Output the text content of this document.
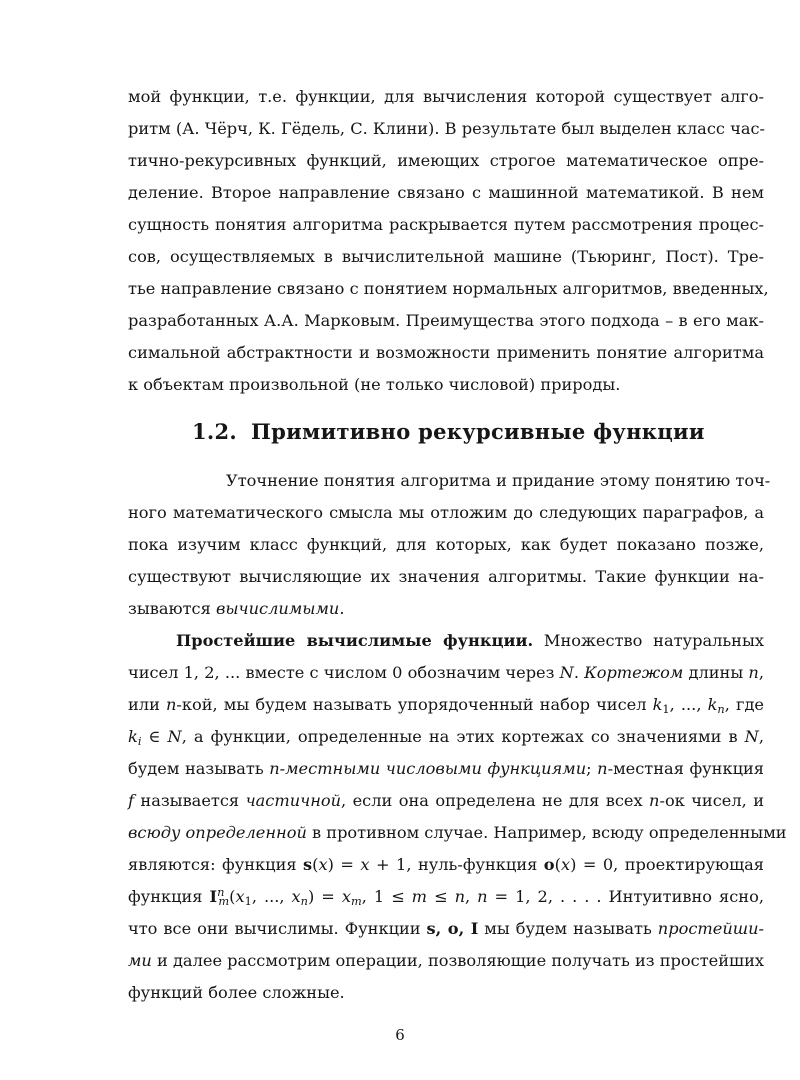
мой функции, т.е. функции, для вычисления которой существует алго-
ритм (А. Чёрч, К. Гёдель, С. Клини). В результате был выделен класс час-
тично-рекурсивных функций, имеющих строгое математическое опре-
деление. Второе направление связано с машинной математикой. В нем
сущность понятия алгоритма раскрывается путем рассмотрения процес-
сов, осуществляемых в вычислительной машине (Тьюринг, Пост). Тре-
тье направление связано с понятием нормальных алгоритмов, введенных,
разработанных А.А. Марковым. Преимущества этого подхода – в его мак-
симальной абстрактности и возможности применить понятие алгоритма
к объектам произвольной (не только числовой) природы.
1.2. Примитивно рекурсивные функции
Уточнение понятия алгоритма и придание этому понятию точ-
ного математического смысла мы отложим до следующих параграфов, а
пока изучим класс функций, для которых, как будет показано позже,
существуют вычисляющие их значения алгоритмы. Такие функции на-
зываются вычислимыми.
Простейшие вычислимые функции. Множество натуральных
чисел 1, 2, ... вместе с числом 0 обозначим через N. Кортежом длины n,
или n-кой, мы будем называть упорядоченный набор чисел $k_1$, ..., $k_n$, где
$k_i$ ∈ N, а функции, определенные на этих кортежах со значениями в N,
будем называть n-местными числовыми функциями; n-местная функция
f называется частичной, если она определена не для всех n-ок чисел, и
всюду определенной в противном случае. Например, всюду определенными
являются: функция s(x) = x + 1, нуль-функция o(x) = 0, проектирующая
функция $I^n_m(x_1$, ..., $x_n) = x_m$, 1 ≤ m ≤ n, n = 1, 2, . . . . Интуитивно ясно,
что все они вычислимы. Функции s, o, I мы будем называть простейши-
ми и далее рассмотрим операции, позволяющие получать из простейших
функций более сложные.
6
